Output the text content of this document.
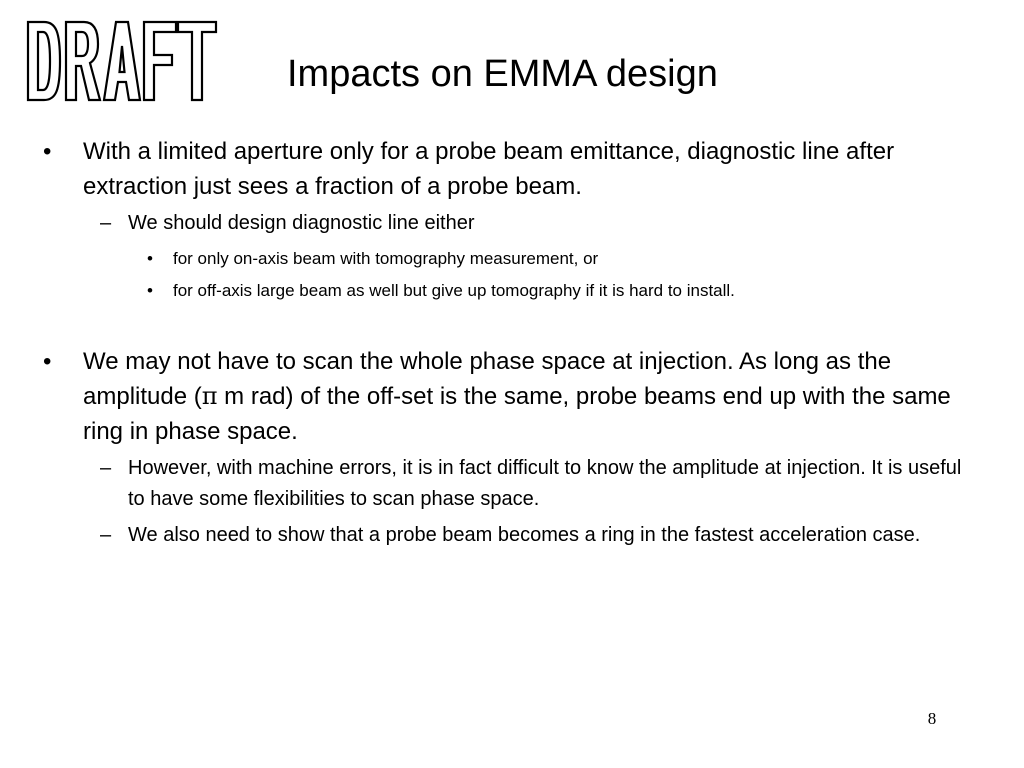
Impacts on EMMA design
• With a limited aperture only for a probe beam emittance, diagnostic line after extraction just sees a fraction of a probe beam.
– We should design diagnostic line either
• for only on-axis beam with tomography measurement, or
• for off-axis large beam as well but give up tomography if it is hard to install.
• We may not have to scan the whole phase space at injection. As long as the amplitude (π m rad) of the off-set is the same, probe beams end up with the same ring in phase space.
– However, with machine errors, it is in fact difficult to know the amplitude at injection. It is useful to have some flexibilities to scan phase space.
– We also need to show that a probe beam becomes a ring in the fastest acceleration case.
8
